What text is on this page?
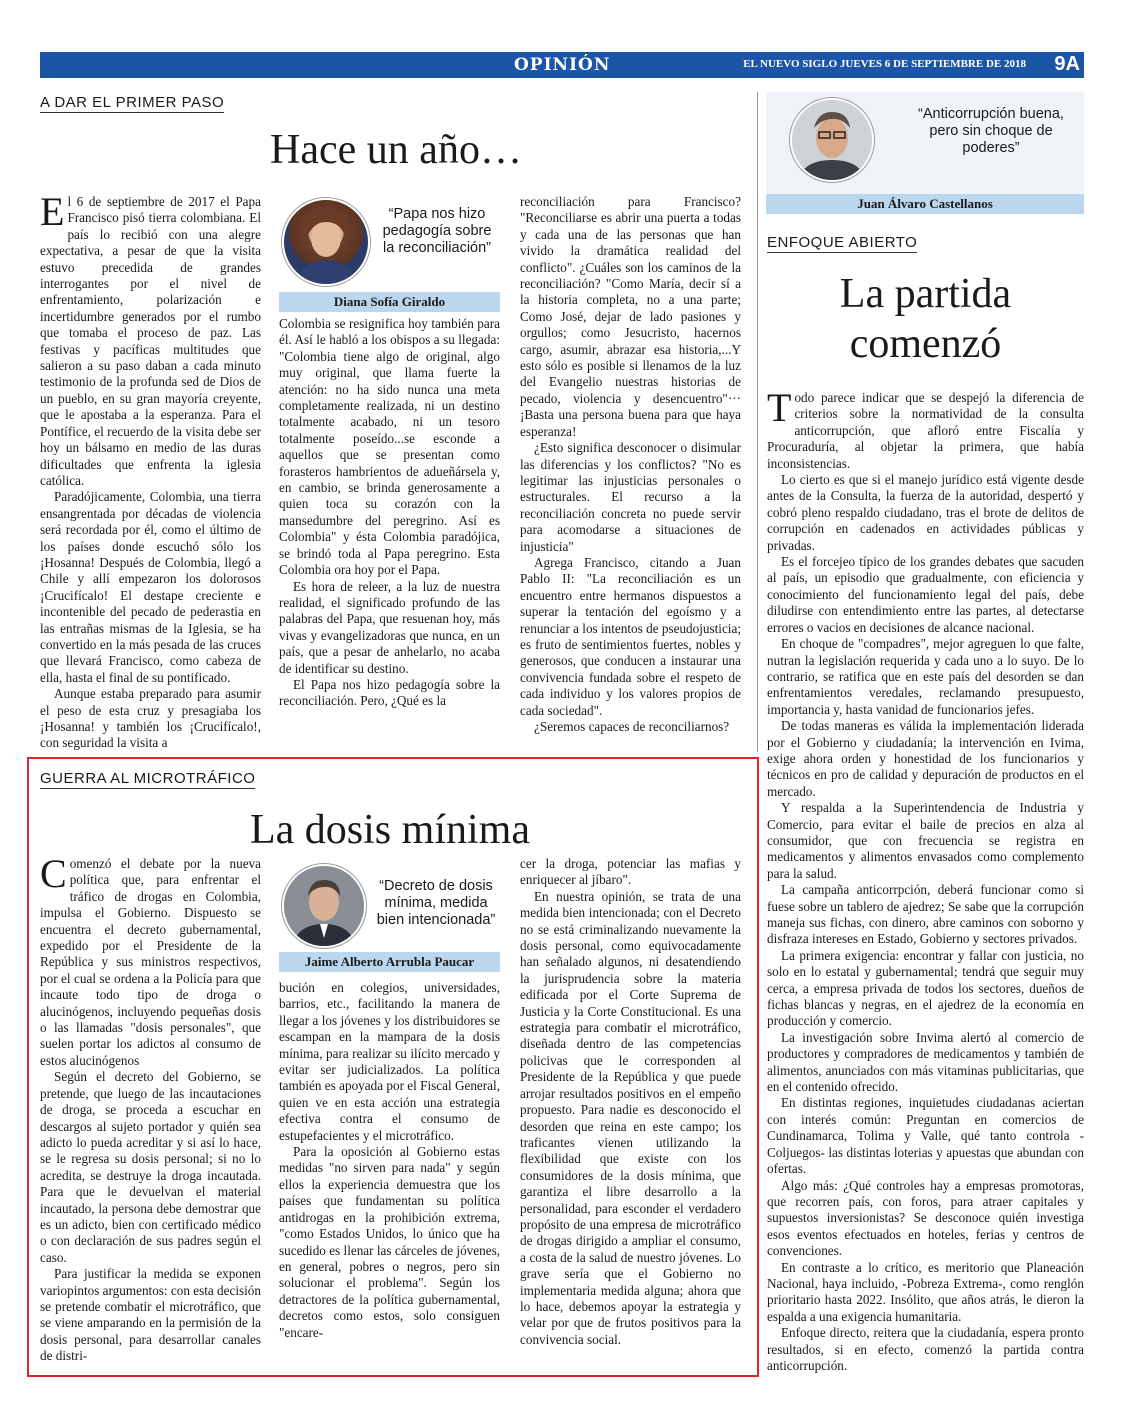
OPINIÓN	EL NUEVO SIGLO JUEVES 6 DE SEPTIEMBRE DE 2018 9A
A DAR EL PRIMER PASO
Hace un año…

El 6 de septiembre de 2017 el Papa Francisco pisó tierra colombiana. El país lo recibió con una alegre expectativa, a pesar de que la visita estuvo precedida de grandes interrogantes por el nivel de enfrentamiento, polarización e incertidumbre generados por el rumbo que tomaba el proceso de paz. Las festivas y pacíficas multitudes que salieron a su paso daban a cada minuto testimonio de la profunda sed de Dios de un pueblo, en su gran mayoría creyente, que le apostaba a la esperanza. Para el Pontífice, el recuerdo de la visita debe ser hoy un bálsamo en medio de las duras dificultades que enfrenta la iglesia católica.

Paradójicamente, Colombia, una tierra ensangrentada por décadas de violencia será recordada por él, como el último de los países donde escuchó sólo los ¡Hosanna! Después de Colombia, llegó a Chile y allí empezaron los dolorosos ¡Crucifícalo! El destape creciente e incontenible del pecado de pederastia en las entrañas mismas de la Iglesia, se ha convertido en la más pesada de las cruces que llevará Francisco, como cabeza de ella, hasta el final de su pontificado.

Aunque estaba preparado para asumir el peso de esta cruz y presagiaba los ¡Hosanna! y también los ¡Crucifícalo!, con seguridad la visita a

“Papa nos hizo pedagogía sobre la reconciliación”
Diana Sofía Giraldo

Colombia se resignifica hoy también para él. Así le habló a los obispos a su llegada: "Colombia tiene algo de original, algo muy original, que llama fuerte la atención: no ha sido nunca una meta completamente realizada, ni un destino totalmente acabado, ni un tesoro totalmente poseído...se esconde a aquellos que se presentan como forasteros hambrientos de adueñársela y, en cambio, se brinda generosamente a quien toca su corazón con la mansedumbre del peregrino. Así es Colombia" y ésta Colombia paradójica, se brindó toda al Papa peregrino. Esta Colombia ora hoy por el Papa.

Es hora de releer, a la luz de nuestra realidad, el significado profundo de las palabras del Papa, que resuenan hoy, más vivas y evangelizadoras que nunca, en un país, que a pesar de anhelarlo, no acaba de identificar su destino.

El Papa nos hizo pedagogía sobre la reconciliación. Pero, ¿Qué es la

reconciliación para Francisco? "Reconciliarse es abrir una puerta a todas y cada una de las personas que han vivido la dramática realidad del conflicto". ¿Cuáles son los caminos de la reconciliación? "Como María, decir sí a la historia completa, no a una parte; Como José, dejar de lado pasiones y orgullos; como Jesucristo, hacernos cargo, asumir, abrazar esa historia,...Y esto sólo es posible si llenamos de la luz del Evangelio nuestras historias de pecado, violencia y desencuentro"··· ¡Basta una persona buena para que haya esperanza!

¿Esto significa desconocer o disimular las diferencias y los conflictos? "No es legitimar las injusticias personales o estructurales. El recurso a la reconciliación concreta no puede servir para acomodarse a situaciones de injusticia"

Agrega Francisco, citando a Juan Pablo II: "La reconciliación es un encuentro entre hermanos dispuestos a superar la tentación del egoísmo y a renunciar a los intentos de pseudojusticia; es fruto de sentimientos fuertes, nobles y generosos, que conducen a instaurar una convivencia fundada sobre el respeto de cada individuo y los valores propios de cada sociedad".

¿Seremos capaces de reconciliarnos?

GUERRA AL MICROTRÁFICO
La dosis mínima

Comenzó el debate por la nueva política que, para enfrentar el tráfico de drogas en Colombia, impulsa el Gobierno. Dispuesto se encuentra el decreto gubernamental, expedido por el Presidente de la República y sus ministros respectivos, por el cual se ordena a la Policía para que incaute todo tipo de droga o alucinógenos, incluyendo pequeñas dosis o las llamadas "dosis personales", que suelen portar los adictos al consumo de estos alucinógenos

Según el decreto del Gobierno, se pretende, que luego de las incautaciones de droga, se proceda a escuchar en descargos al sujeto portador y quién sea adicto lo pueda acreditar y si así lo hace, se le regresa su dosis personal; si no lo acredita, se destruye la droga incautada. Para que le devuelvan el material incautado, la persona debe demostrar que es un adicto, bien con certificado médico o con declaración de sus padres según el caso.

Para justificar la medida se exponen variopintos argumentos: con esta decisión se pretende combatir el microtráfico, que se viene amparando en la permisión de la dosis personal, para desarrollar canales de distri-

“Decreto de dosis mínima, medida bien intencionada”
Jaime Alberto Arrubla Paucar

bución en colegios, universidades, barrios, etc., facilitando la manera de llegar a los jóvenes y los distribuidores se escampan en la mampara de la dosis mínima, para realizar su ilícito mercado y evitar ser judicializados. La política también es apoyada por el Fiscal General, quien ve en esta acción una estrategia efectiva contra el consumo de estupefacientes y el microtráfico.

Para la oposición al Gobierno estas medidas "no sirven para nada" y según ellos la experiencia demuestra que los países que fundamentan su política antidrogas en la prohibición extrema, "como Estados Unidos, lo único que ha sucedido es llenar las cárceles de jóvenes, en general, pobres o negros, pero sin solucionar el problema". Según los detractores de la política gubernamental, decretos como estos, solo consiguen "encare-

cer la droga, potenciar las mafias y enriquecer al jíbaro".

En nuestra opinión, se trata de una medida bien intencionada; con el Decreto no se está criminalizando nuevamente la dosis personal, como equivocadamente han señalado algunos, ni desatendiendo la jurisprudencia sobre la materia edificada por el Corte Suprema de Justicia y la Corte Constitucional. Es una estrategia para combatir el microtráfico, diseñada dentro de las competencias policivas que le corresponden al Presidente de la República y que puede arrojar resultados positivos en el empeño propuesto. Para nadie es desconocido el desorden que reina en este campo; los traficantes vienen utilizando la flexibilidad que existe con los consumidores de la dosis mínima, que garantiza el libre desarrollo a la personalidad, para esconder el verdadero propósito de una empresa de microtráfico de drogas dirigido a ampliar el consumo, a costa de la salud de nuestro jóvenes. Lo grave sería que el Gobierno no implementaria medida alguna; ahora que lo hace, debemos apoyar la estrategia y velar por que de frutos positivos para la convivencia social.

“Anticorrupción buena, pero sin choque de poderes”
Juan Álvaro Castellanos
ENFOQUE ABIERTO
La partida comenzó

Todo parece indicar que se despejó la diferencia de criterios sobre la normatividad de la consulta anticorrupción, que afloró entre Fiscalía y Procuraduría, al objetar la primera, que había inconsistencias.

Lo cierto es que si el manejo jurídico está vigente desde antes de la Consulta, la fuerza de la autoridad, despertó y cobró pleno respaldo ciudadano, tras el brote de delitos de corrupción en cadenados en actividades públicas y privadas.

Es el forcejeo típico de los grandes debates que sacuden al país, un episodio que gradualmente, con eficiencia y conocimiento del funcionamiento legal del país, debe diludirse con entendimiento entre las partes, al detectarse errores o vacios en decisiones de alcance nacional.

En choque de "compadres", mejor agreguen lo que falte, nutran la legislación requerida y cada uno a lo suyo. De lo contrario, se ratifica que en este país del desorden se dan enfrentamientos veredales, reclamando presupuesto, importancia y, hasta vanidad de funcionarios jefes.

De todas maneras es válida la implementación liderada por el Gobierno y ciudadanía; la intervención en Ivima, exige ahora orden y honestidad de los funcionarios y técnicos en pro de calidad y depuración de productos en el mercado.

Y respalda a la Superintendencia de Industria y Comercio, para evitar el baile de precios en alza al consumidor, que con frecuencia se registra en medicamentos y alimentos envasados como complemento para la salud.

La campaña anticorrpción, deberá funcionar como si fuese sobre un tablero de ajedrez; Se sabe que la corrupción maneja sus fichas, con dinero, abre caminos con soborno y disfraza intereses en Estado, Gobierno y sectores privados.

La primera exigencia: encontrar y fallar con justicia, no solo en lo estatal y gubernamental; tendrá que seguir muy cerca, a empresa privada de todos los sectores, dueños de fichas blancas y negras, en el ajedrez de la economía en producción y comercio.

La investigación sobre Invima alertó al comercio de productores y compradores de medicamentos y también de alimentos, anunciados con más vitaminas publicitarias, que en el contenido ofrecido.

En distintas regiones, inquietudes ciudadanas aciertan con interés común: Preguntan en comercios de Cundinamarca, Tolima y Valle, qué tanto controla -Coljuegos- las distintas loterias y apuestas que abundan con ofertas.

Algo más: ¿Qué controles hay a empresas promotoras, que recorren país, con foros, para atraer capitales y supuestos inversionistas? Se desconoce quién investiga esos eventos efectuados en hoteles, ferias y centros de convenciones.

En contraste a lo crítico, es meritorio que Planeación Nacional, haya incluido, -Pobreza Extrema-, como renglón prioritario hasta 2022. Insólito, que años atrás, le dieron la espalda a una exigencia humanitaria.

Enfoque directo, reitera que la ciudadanía, espera pronto resultados, si en efecto, comenzó la partida contra anticorrupción.
